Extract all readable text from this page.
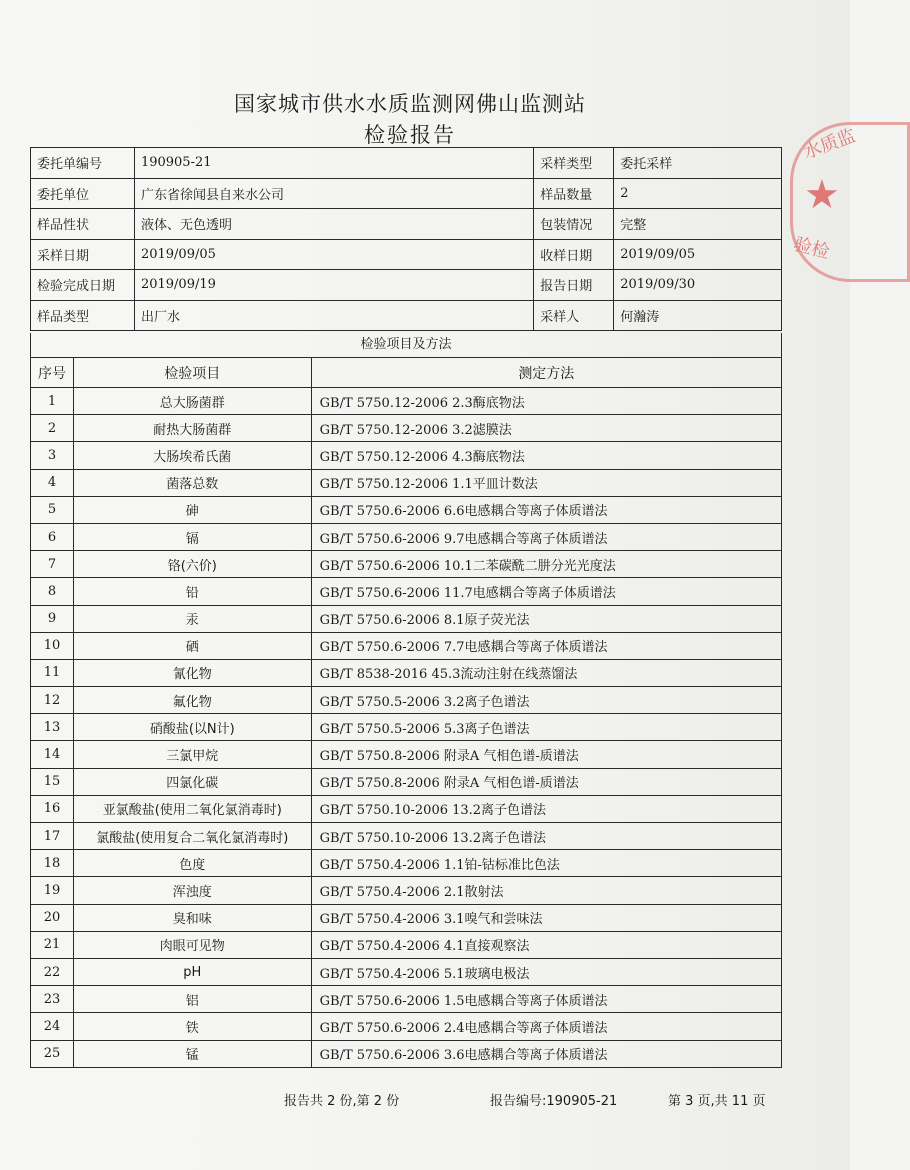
国家城市供水水质监测网佛山监测站
检验报告
委托单编号	190905-21	采样类型	委托采样
委托单位	广东省徐闻县自来水公司	样品数量	2
样品性状	液体、无色透明	包装情况	完整
采样日期	2019/09/05	收样日期	2019/09/05
检验完成日期	2019/09/19	报告日期	2019/09/30
样品类型	出厂水	采样人	何瀚涛
检验项目及方法
序号	检验项目	测定方法
1	总大肠菌群	GB/T 5750.12-2006 2.3酶底物法
2	耐热大肠菌群	GB/T 5750.12-2006 3.2滤膜法
3	大肠埃希氏菌	GB/T 5750.12-2006 4.3酶底物法
4	菌落总数	GB/T 5750.12-2006 1.1平皿计数法
5	砷	GB/T 5750.6-2006 6.6电感耦合等离子体质谱法
6	镉	GB/T 5750.6-2006 9.7电感耦合等离子体质谱法
7	铬(六价)	GB/T 5750.6-2006 10.1二苯碳酰二肼分光光度法
8	铅	GB/T 5750.6-2006 11.7电感耦合等离子体质谱法
9	汞	GB/T 5750.6-2006 8.1原子荧光法
10	硒	GB/T 5750.6-2006 7.7电感耦合等离子体质谱法
11	氰化物	GB/T 8538-2016 45.3流动注射在线蒸馏法
12	氟化物	GB/T 5750.5-2006 3.2离子色谱法
13	硝酸盐(以N计)	GB/T 5750.5-2006 5.3离子色谱法
14	三氯甲烷	GB/T 5750.8-2006 附录A 气相色谱-质谱法
15	四氯化碳	GB/T 5750.8-2006 附录A 气相色谱-质谱法
16	亚氯酸盐(使用二氧化氯消毒时)	GB/T 5750.10-2006 13.2离子色谱法
17	氯酸盐(使用复合二氧化氯消毒时)	GB/T 5750.10-2006 13.2离子色谱法
18	色度	GB/T 5750.4-2006 1.1铂-钴标准比色法
19	浑浊度	GB/T 5750.4-2006 2.1散射法
20	臭和味	GB/T 5750.4-2006 3.1嗅气和尝味法
21	肉眼可见物	GB/T 5750.4-2006 4.1直接观察法
22	pH	GB/T 5750.4-2006 5.1玻璃电极法
23	铝	GB/T 5750.6-2006 1.5电感耦合等离子体质谱法
24	铁	GB/T 5750.6-2006 2.4电感耦合等离子体质谱法
25	锰	GB/T 5750.6-2006 3.6电感耦合等离子体质谱法
报告共 2 份,第 2 份	报告编号:190905-21	第 3 页,共 11 页
水质监
★
验检
